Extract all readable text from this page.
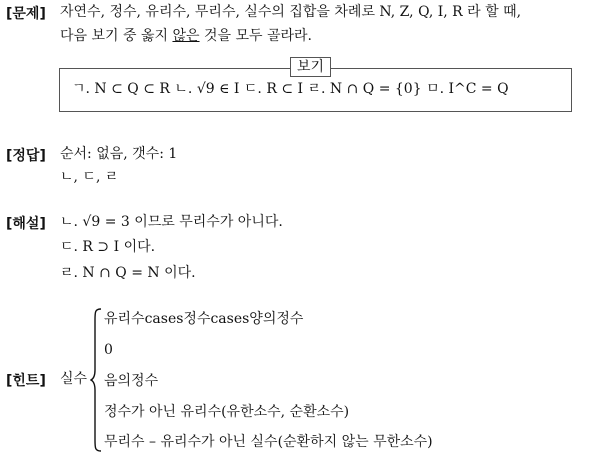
[문제] 자연수, 정수, 유리수, 무리수, 실수의 집합을 차례로 N, Z, Q, I, R 라 할 때,
다음 보기 중 옳지 않은 것을 모두 골라라.
보기
ㄱ. N ⊂ Q ⊂ R ㄴ. √9 ∈ I ㄷ. R ⊂ I ㄹ. N ∩ Q = {0} ㅁ. I^C = Q
[정답] 순서: 없음, 갯수: 1
ㄴ, ㄷ, ㄹ
[해설] ㄴ. √9 = 3 이므로 무리수가 아니다.
ㄷ. R ⊃ I 이다.
ㄹ. N ∩ Q = N 이다.
[힌트] 실수
유리수cases정수cases양의정수
0
음의정수
정수가 아닌 유리수(유한소수, 순환소수)
무리수 – 유리수가 아닌 실수(순환하지 않는 무한소수)
